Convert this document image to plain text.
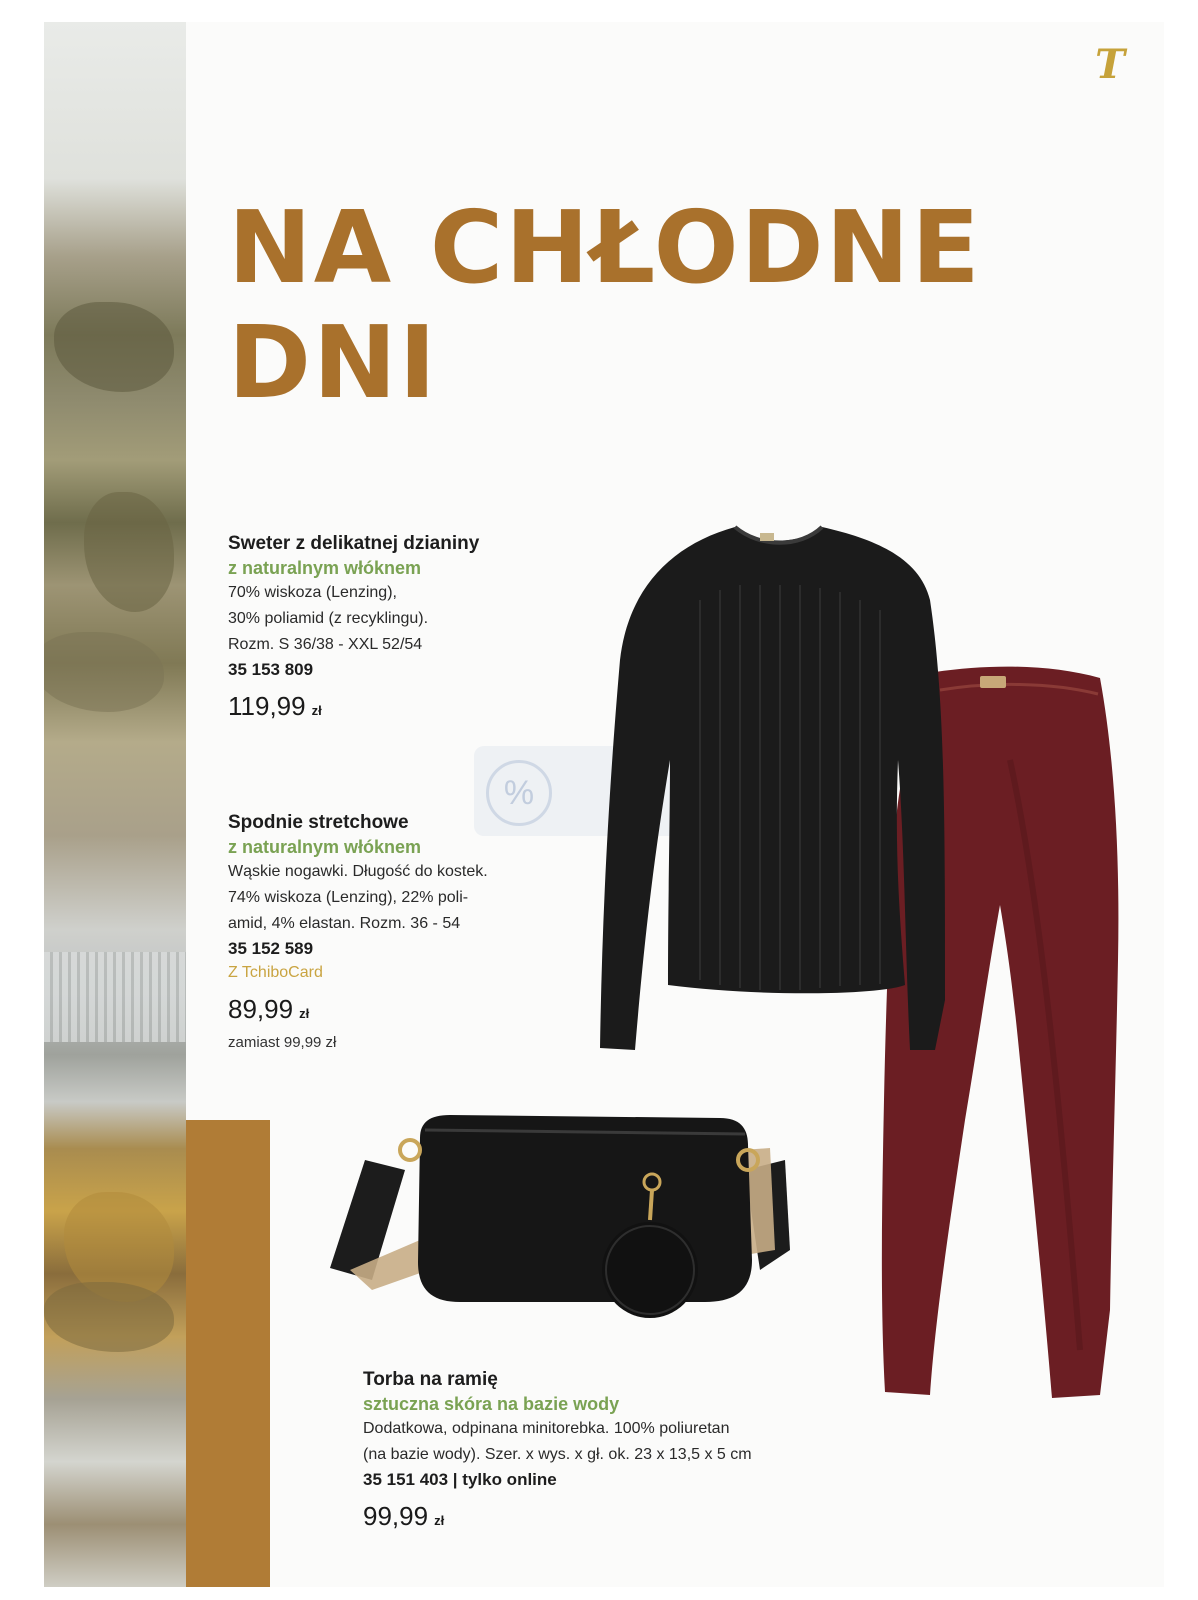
T
NA CHŁODNE
DNI
%
Sweter z delikatnej dzianiny
z naturalnym włóknem
70% wiskoza (Lenzing),
30% poliamid (z recyklingu).
Rozm. S 36/38 - XXL 52/54
35 153 809
119,99 zł
Spodnie stretchowe
z naturalnym włóknem
Wąskie nogawki. Długość do kostek.
74% wiskoza (Lenzing), 22% poli-
amid, 4% elastan. Rozm. 36 - 54
35 152 589
Z TchiboCard
89,99 zł
zamiast 99,99 zł
Torba na ramię
sztuczna skóra na bazie wody
Dodatkowa, odpinana minitorebka. 100% poliuretan
(na bazie wody). Szer. x wys. x gł. ok. 23 x 13,5 x 5 cm
35 151 403 | tylko online
99,99 zł
